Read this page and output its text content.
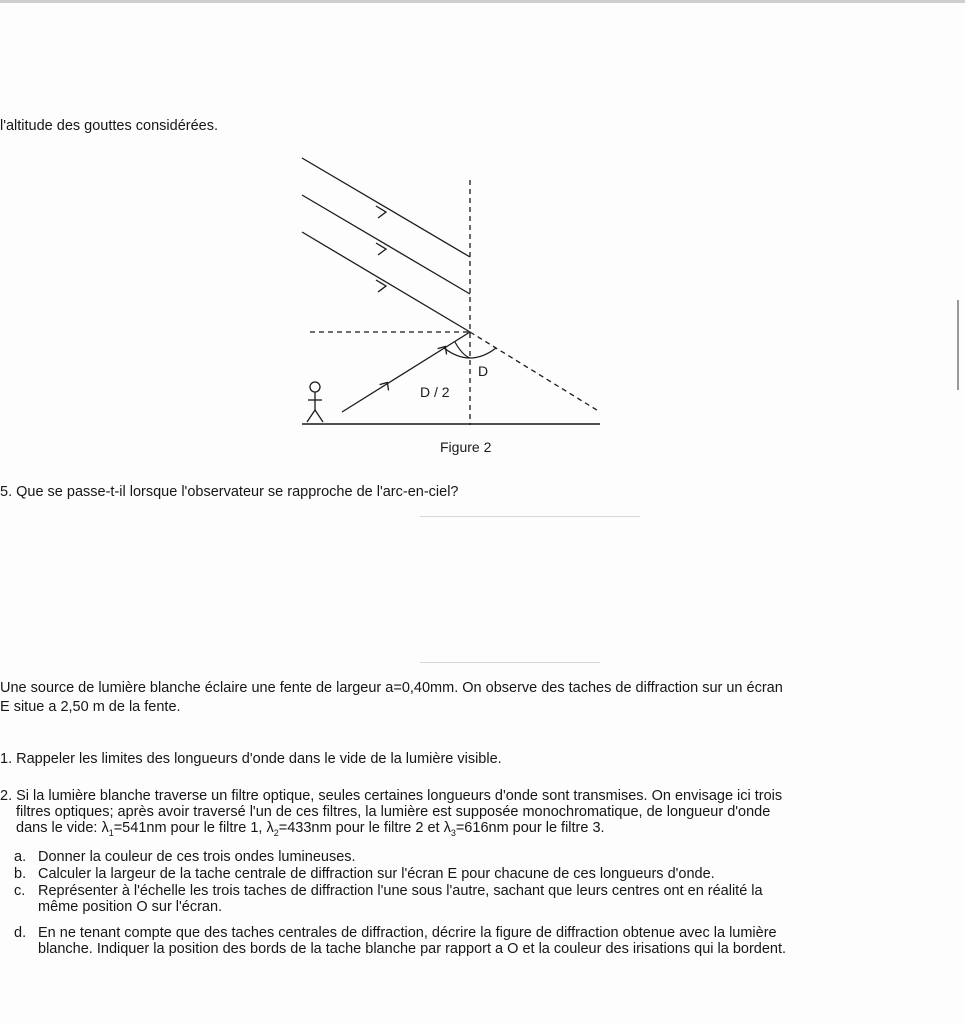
l'altitude des gouttes considérées.

D
D / 2
Figure 2

5. Que se passe-t-il lorsque l'observateur se rapproche de l'arc-en-ciel?

Une source de lumière blanche éclaire une fente de largeur a=0,40mm. On observe des taches de diffraction sur un écran

E situe a 2,50 m de la fente.

1. Rappeler les limites des longueurs d'onde dans le vide de la lumière visible.

2. Si la lumière blanche traverse un filtre optique, seules certaines longueurs d'onde sont transmises. On envisage ici trois

filtres optiques; après avoir traversé l'un de ces filtres, la lumière est supposée monochromatique, de longueur d'onde

dans le vide: $\lambda_1=541nm$ pour le filtre 1, $\lambda_2=433nm$ pour le filtre 2 et $\lambda_3=616nm$ pour le filtre 3.

a. Donner la couleur de ces trois ondes lumineuses.

b. Calculer la largeur de la tache centrale de diffraction sur l'écran E pour chacune de ces longueurs d'onde.

c. Représenter à l'échelle les trois taches de diffraction l'une sous l'autre, sachant que leurs centres ont en réalité la

même position O sur l'écran.

d. En ne tenant compte que des taches centrales de diffraction, décrire la figure de diffraction obtenue avec la lumière

blanche. Indiquer la position des bords de la tache blanche par rapport a O et la couleur des irisations qui la bordent.
